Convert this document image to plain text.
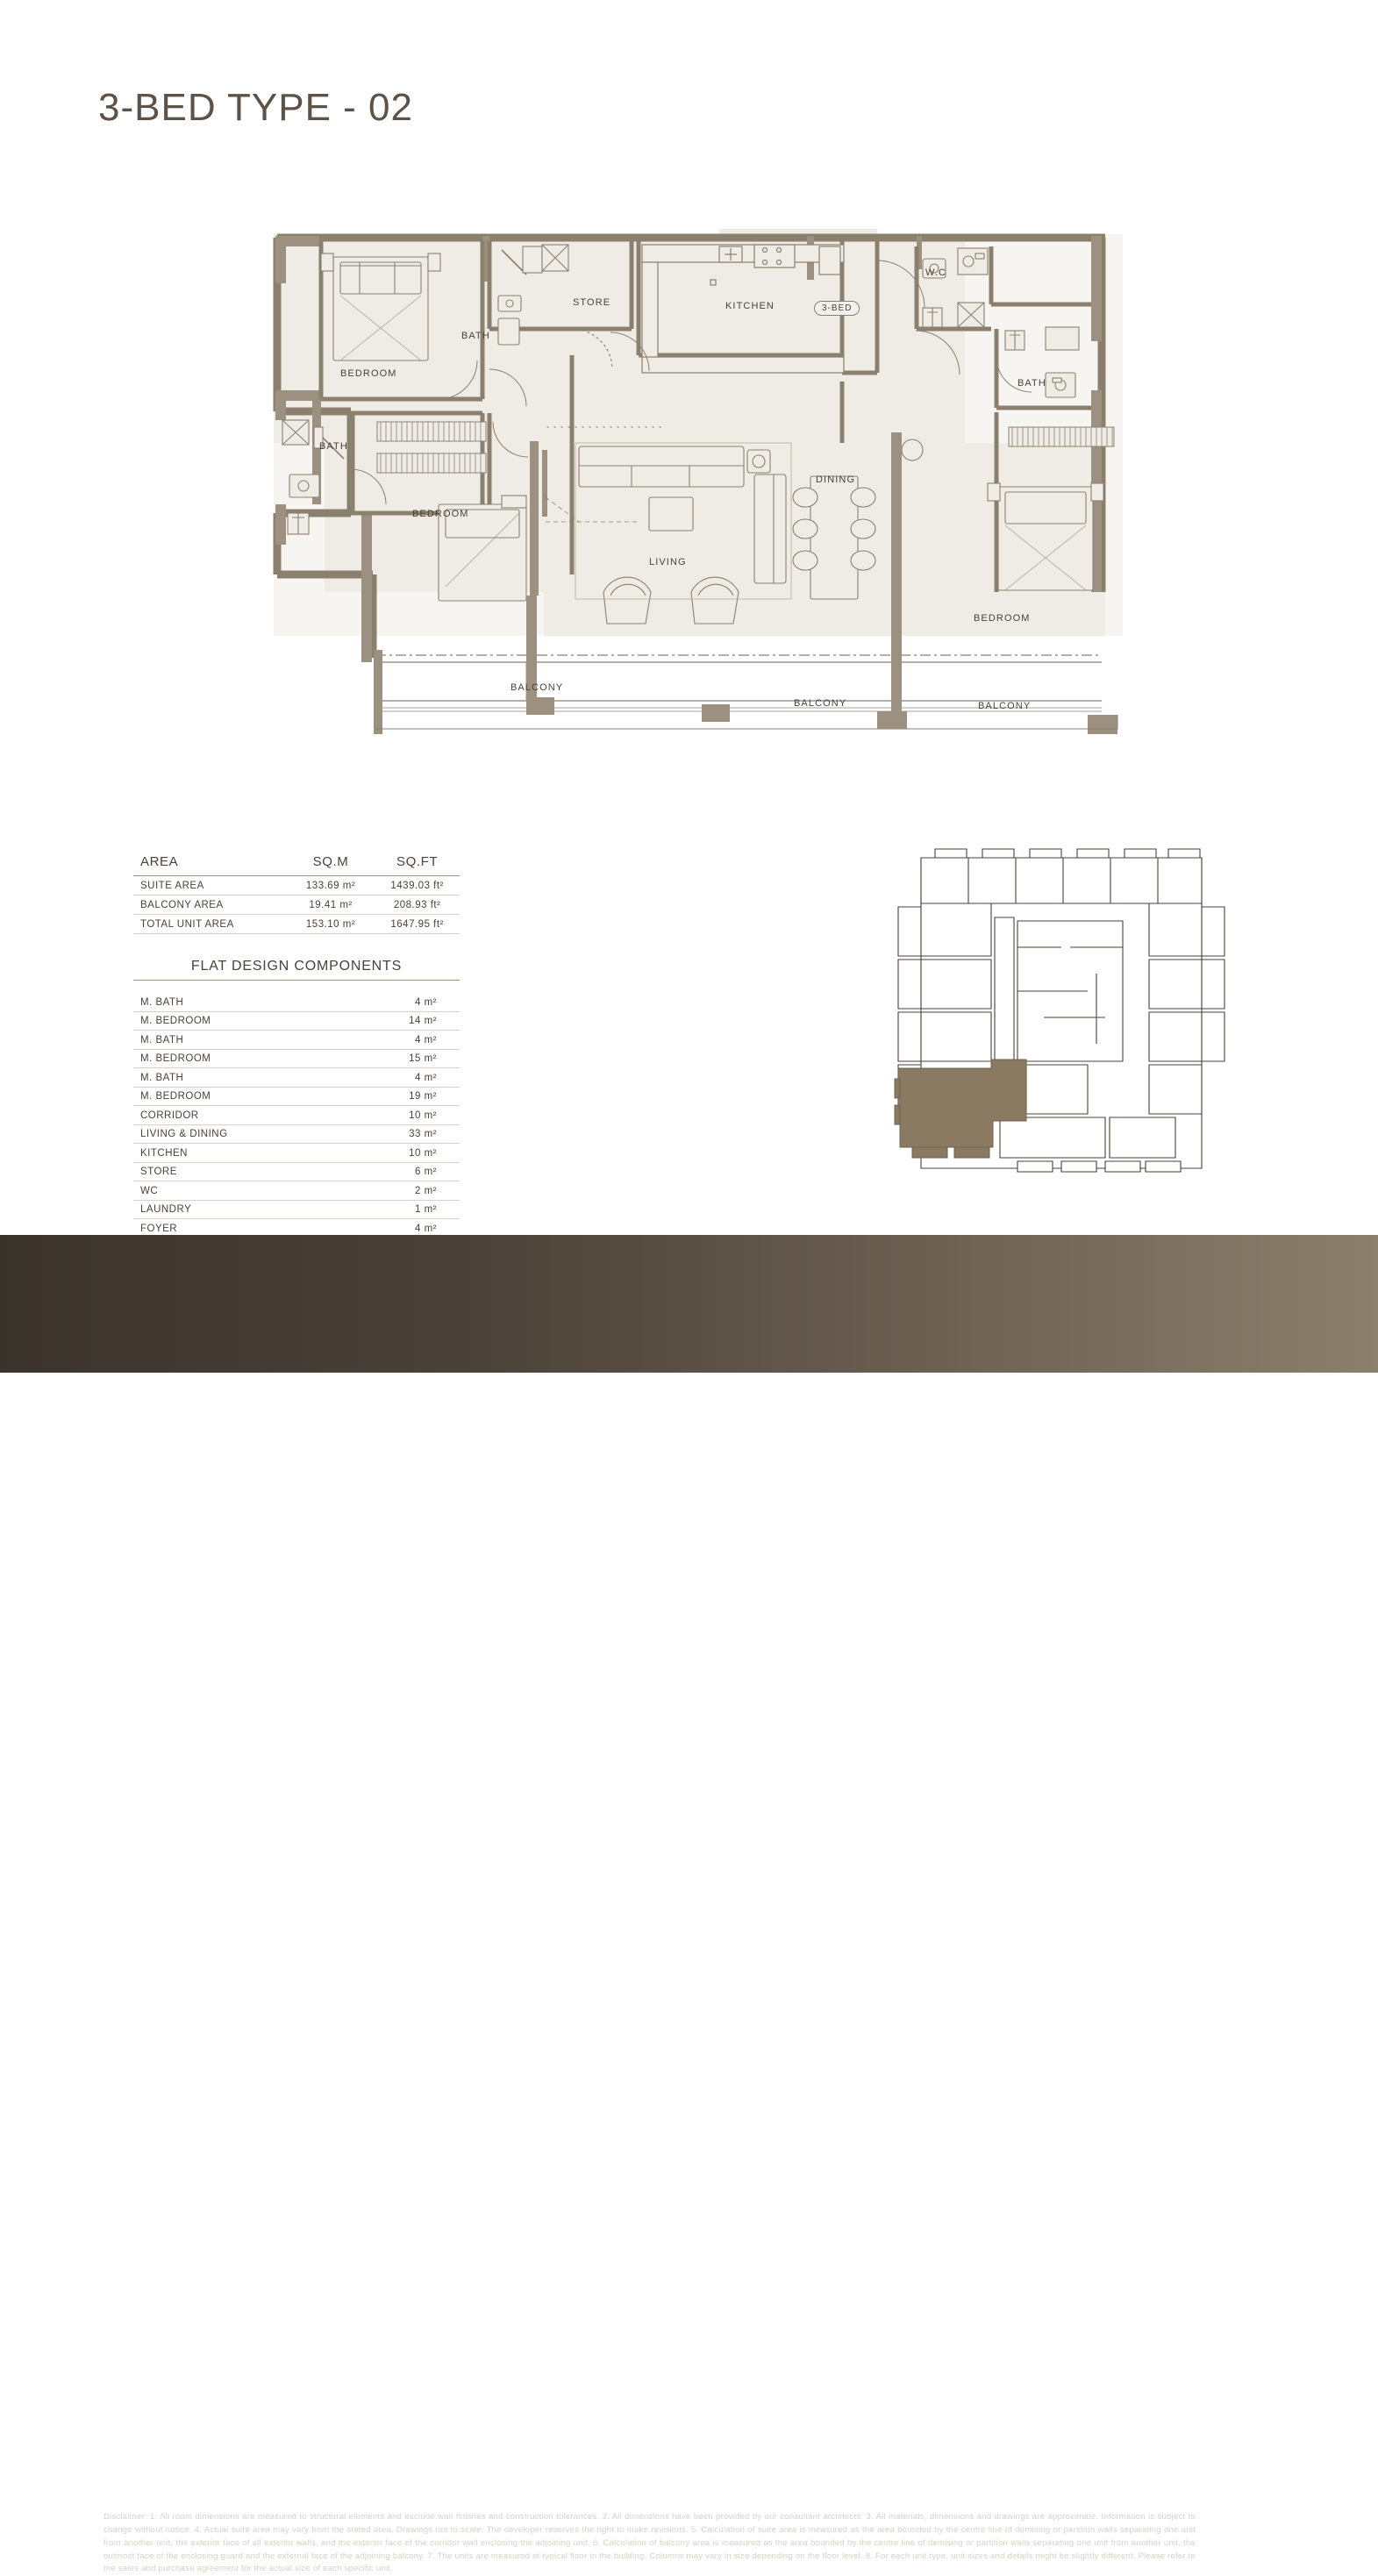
3-BED TYPE - 02
BEDROOM
BATH
STORE	KITCHEN
W.C
BATH
BATH
BEDROOM
LIVING
DINING
BEDROOM
BALCONY
BALCONY	BALCONY
3-BED
AREA	SQ.M	SQ.FT
SUITE AREA	133.69 m²	1439.03 ft²
BALCONY AREA	19.41 m²	208.93 ft²
TOTAL UNIT AREA	153.10 m²	1647.95 ft²
FLAT DESIGN COMPONENTS
M. BATH	4 m²
M. BEDROOM	14 m²
M. BATH	4 m²
M. BEDROOM	15 m²
M. BATH	4 m²
M. BEDROOM	19 m²
CORRIDOR	10 m²
LIVING & DINING	33 m²
KITCHEN	10 m²
STORE	6 m²
WC	2 m²
LAUNDRY	1 m²
FOYER	4 m²
Disclaimer: 1. All room dimensions are measured to structural elements and exclude wall finishes and construction tolerances. 2. All dimensions have been provided by our consultant architects. 3. All materials, dimensions and drawings are approximate. Information is subject to change without notice. 4. Actual suite area may vary from the stated area. Drawings not to scale. The developer reserves the right to make revisions. 5. Calculation of suite area is measured as the area bounded by the centre line of demising or partition walls separating one unit from another unit, the exterior face of all exterior walls, and the exterior face of the corridor wall enclosing the adjoining unit. 6. Calculation of balcony area is measured as the area bounded by the centre line of demising or partition walls separating one unit from another unit, the outmost face of the enclosing guard and the external face of the adjoining balcony. 7. The units are measured at typical floor in the building. Columns may vary in size depending on the floor level. 8. For each unit type, unit sizes and details might be slightly different. Please refer to the sales and purchase agreement for the actual size of each specific unit.
